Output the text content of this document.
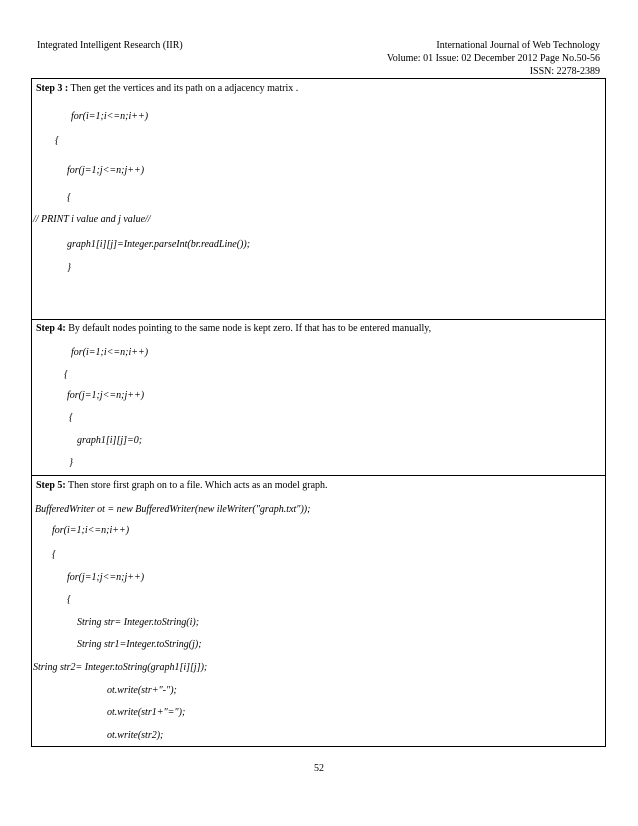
Integrated Intelligent Research (IIR)	International Journal of Web Technology
Volume: 01 Issue: 02 December 2012 Page No.50-56
ISSN: 2278-2389
Step 3 : Then get the vertices and its path on a adjacency matrix .
for(i=1;i<=n;i++)
{
for(j=1;j<=n;j++)
{
// PRINT i value and j value//
graph1[i][j]=Integer.parseInt(br.readLine());
}
Step 4: By default nodes pointing to the same node is kept zero. If that has to be entered manually,
for(i=1;i<=n;i++)
{
for(j=1;j<=n;j++)
{
graph1[i][j]=0;
}
Step 5: Then store first graph on to a file. Which acts as an model graph.
BufferedWriter ot = new BufferedWriter(new ileWriter("graph.txt"));
for(i=1;i<=n;i++)
{
for(j=1;j<=n;j++)
{
String str= Integer.toString(i);
String str1=Integer.toString(j);
String str2= Integer.toString(graph1[i][j]);
ot.write(str+"-");
ot.write(str1+"=");
ot.write(str2);
52
